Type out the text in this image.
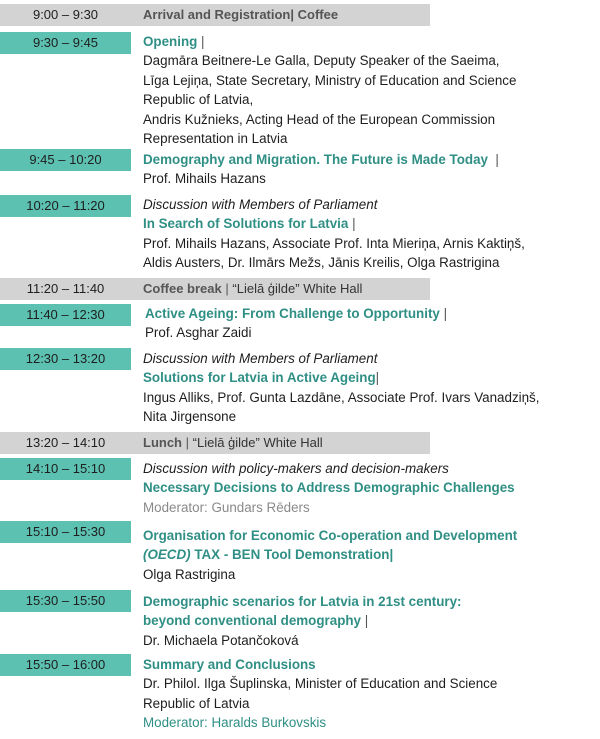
9:00 – 9:30	Arrival and Registration| Coffee
9:30 – 9:45	Opening |
Dagmāra Beitnere-Le Galla, Deputy Speaker of the Saeima,
Līga Lejiņa, State Secretary, Ministry of Education and Science
Republic of Latvia,
Andris Kužnieks, Acting Head of the European Commission
Representation in Latvia
9:45 – 10:20	Demography and Migration. The Future is Made Today |
Prof. Mihails Hazans
10:20 – 11:20	Discussion with Members of Parliament
In Search of Solutions for Latvia |
Prof. Mihails Hazans, Associate Prof. Inta Mieriņa, Arnis Kaktiņš,
Aldis Austers, Dr. Ilmārs Mežs, Jānis Kreilis, Olga Rastrigina
11:20 – 11:40	Coffee break | “Lielā ģilde” White Hall
11:40 – 12:30	Active Ageing: From Challenge to Opportunity |
Prof. Asghar Zaidi
12:30 – 13:20	Discussion with Members of Parliament
Solutions for Latvia in Active Ageing|
Ingus Alliks, Prof. Gunta Lazdāne, Associate Prof. Ivars Vanadziņš,
Nita Jirgensone
13:20 – 14:10	Lunch | “Lielā ģilde” White Hall
14:10 – 15:10	Discussion with policy-makers and decision-makers
Necessary Decisions to Address Demographic Challenges
Moderator: Gundars Rēders
15:10 – 15:30	Organisation for Economic Co-operation and Development
(OECD) TAX - BEN Tool Demonstration|
Olga Rastrigina
15:30 – 15:50	Demographic scenarios for Latvia in 21st century:
beyond conventional demography |
Dr. Michaela Potančoková
15:50 – 16:00	Summary and Conclusions
Dr. Philol. Ilga Šuplinska, Minister of Education and Science
Republic of Latvia
Moderator: Haralds Burkovskis
